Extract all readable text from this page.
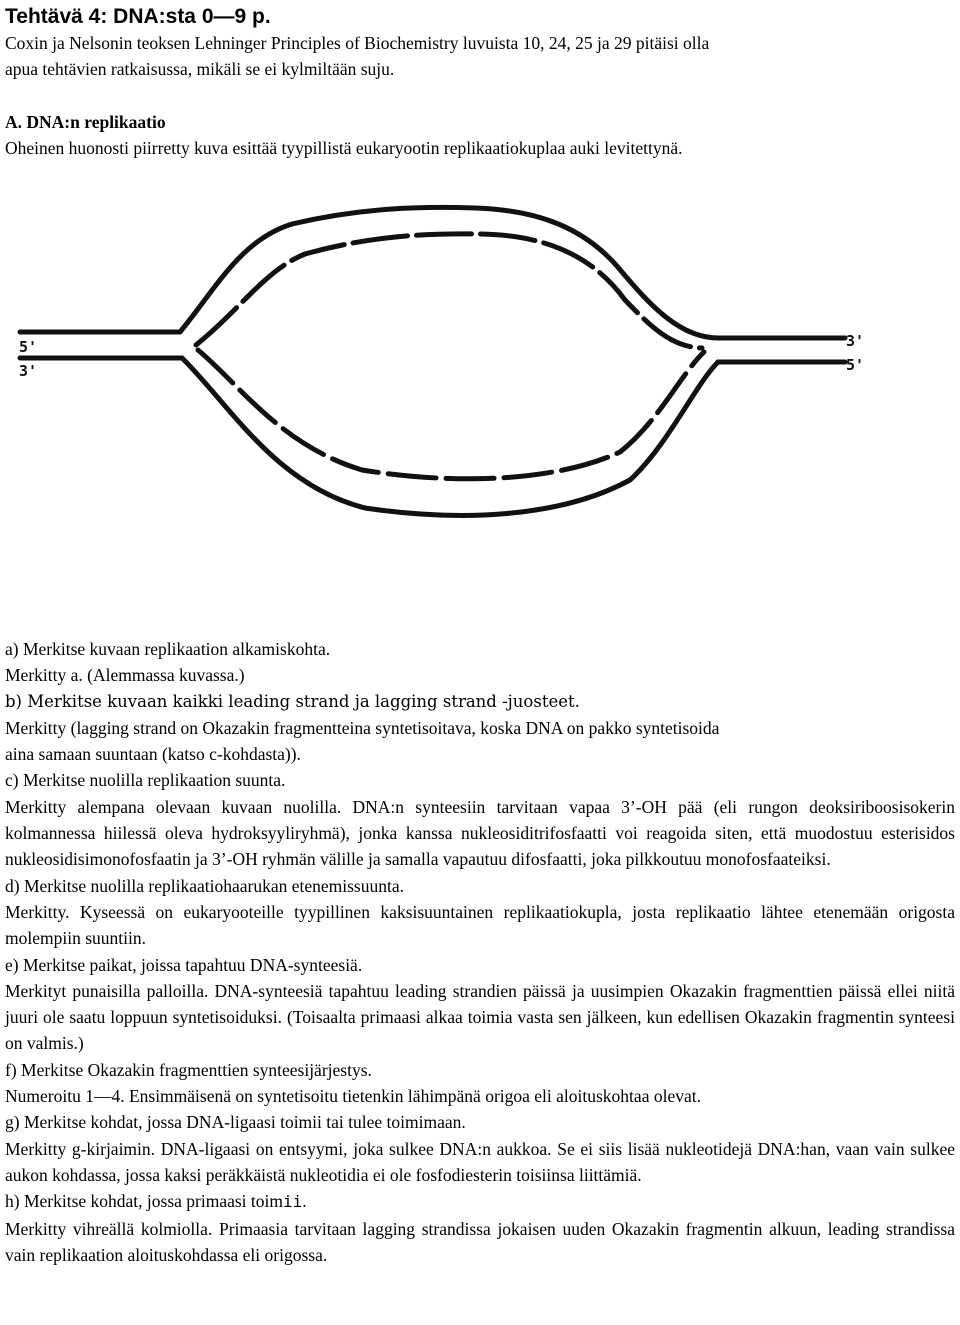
Tehtävä 4: DNA:sta 0—9 p.

Coxin ja Nelsonin teoksen Lehninger Principles of Biochemistry luvuista 10, 24, 25 ja 29 pitäisi olla

apua tehtävien ratkaisussa, mikäli se ei kylmiltään suju.

A. DNA:n replikaatio

Oheinen huonosti piirretty kuva esittää tyypillistä eukaryootin replikaatiokuplaa auki levitettynä.

5'
3'
3'
5'

a) Merkitse kuvaan replikaation alkamiskohta.

Merkitty a. (Alemmassa kuvassa.)

b) Merkitse kuvaan kaikki leading strand ja lagging strand -juosteet.

Merkitty (lagging strand on Okazakin fragmentteina syntetisoitava, koska DNA on pakko syntetisoida

aina samaan suuntaan (katso c-kohdasta)).

c) Merkitse nuolilla replikaation suunta.

Merkitty alempana olevaan kuvaan nuolilla. DNA:n synteesiin tarvitaan vapaa 3’-OH pää (eli rungon deoksiriboosisokerin kolmannessa hiilessä oleva hydroksyyliryhmä), jonka kanssa nukleosiditrifosfaatti voi reagoida siten, että muodostuu esterisidos nukleosidisimonofosfaatin ja 3’-OH ryhmän välille ja samalla vapautuu difosfaatti, joka pilkkoutuu monofosfaateiksi.

d) Merkitse nuolilla replikaatiohaarukan etenemissuunta.

Merkitty. Kyseessä on eukaryooteille tyypillinen kaksisuuntainen replikaatiokupla, josta replikaatio lähtee etenemään origosta molempiin suuntiin.

e) Merkitse paikat, joissa tapahtuu DNA-synteesiä.

Merkityt punaisilla palloilla. DNA-synteesiä tapahtuu leading strandien päissä ja uusimpien Okazakin fragmenttien päissä ellei niitä juuri ole saatu loppuun syntetisoiduksi. (Toisaalta primaasi alkaa toimia vasta sen jälkeen, kun edellisen Okazakin fragmentin synteesi on valmis.)

f) Merkitse Okazakin fragmenttien synteesijärjestys.

Numeroitu 1—4. Ensimmäisenä on syntetisoitu tietenkin lähimpänä origoa eli aloituskohtaa olevat.

g) Merkitse kohdat, jossa DNA-ligaasi toimii tai tulee toimimaan.

Merkitty g-kirjaimin. DNA-ligaasi on entsyymi, joka sulkee DNA:n aukkoa. Se ei siis lisää nukleotidejä DNA:han, vaan vain sulkee aukon kohdassa, jossa kaksi peräkkäistä nukleotidia ei ole fosfodiesterin toisiinsa liittämiä.

h) Merkitse kohdat, jossa primaasi toimii.

Merkitty vihreällä kolmiolla. Primaasia tarvitaan lagging strandissa jokaisen uuden Okazakin fragmentin alkuun, leading strandissa vain replikaation aloituskohdassa eli origossa.
